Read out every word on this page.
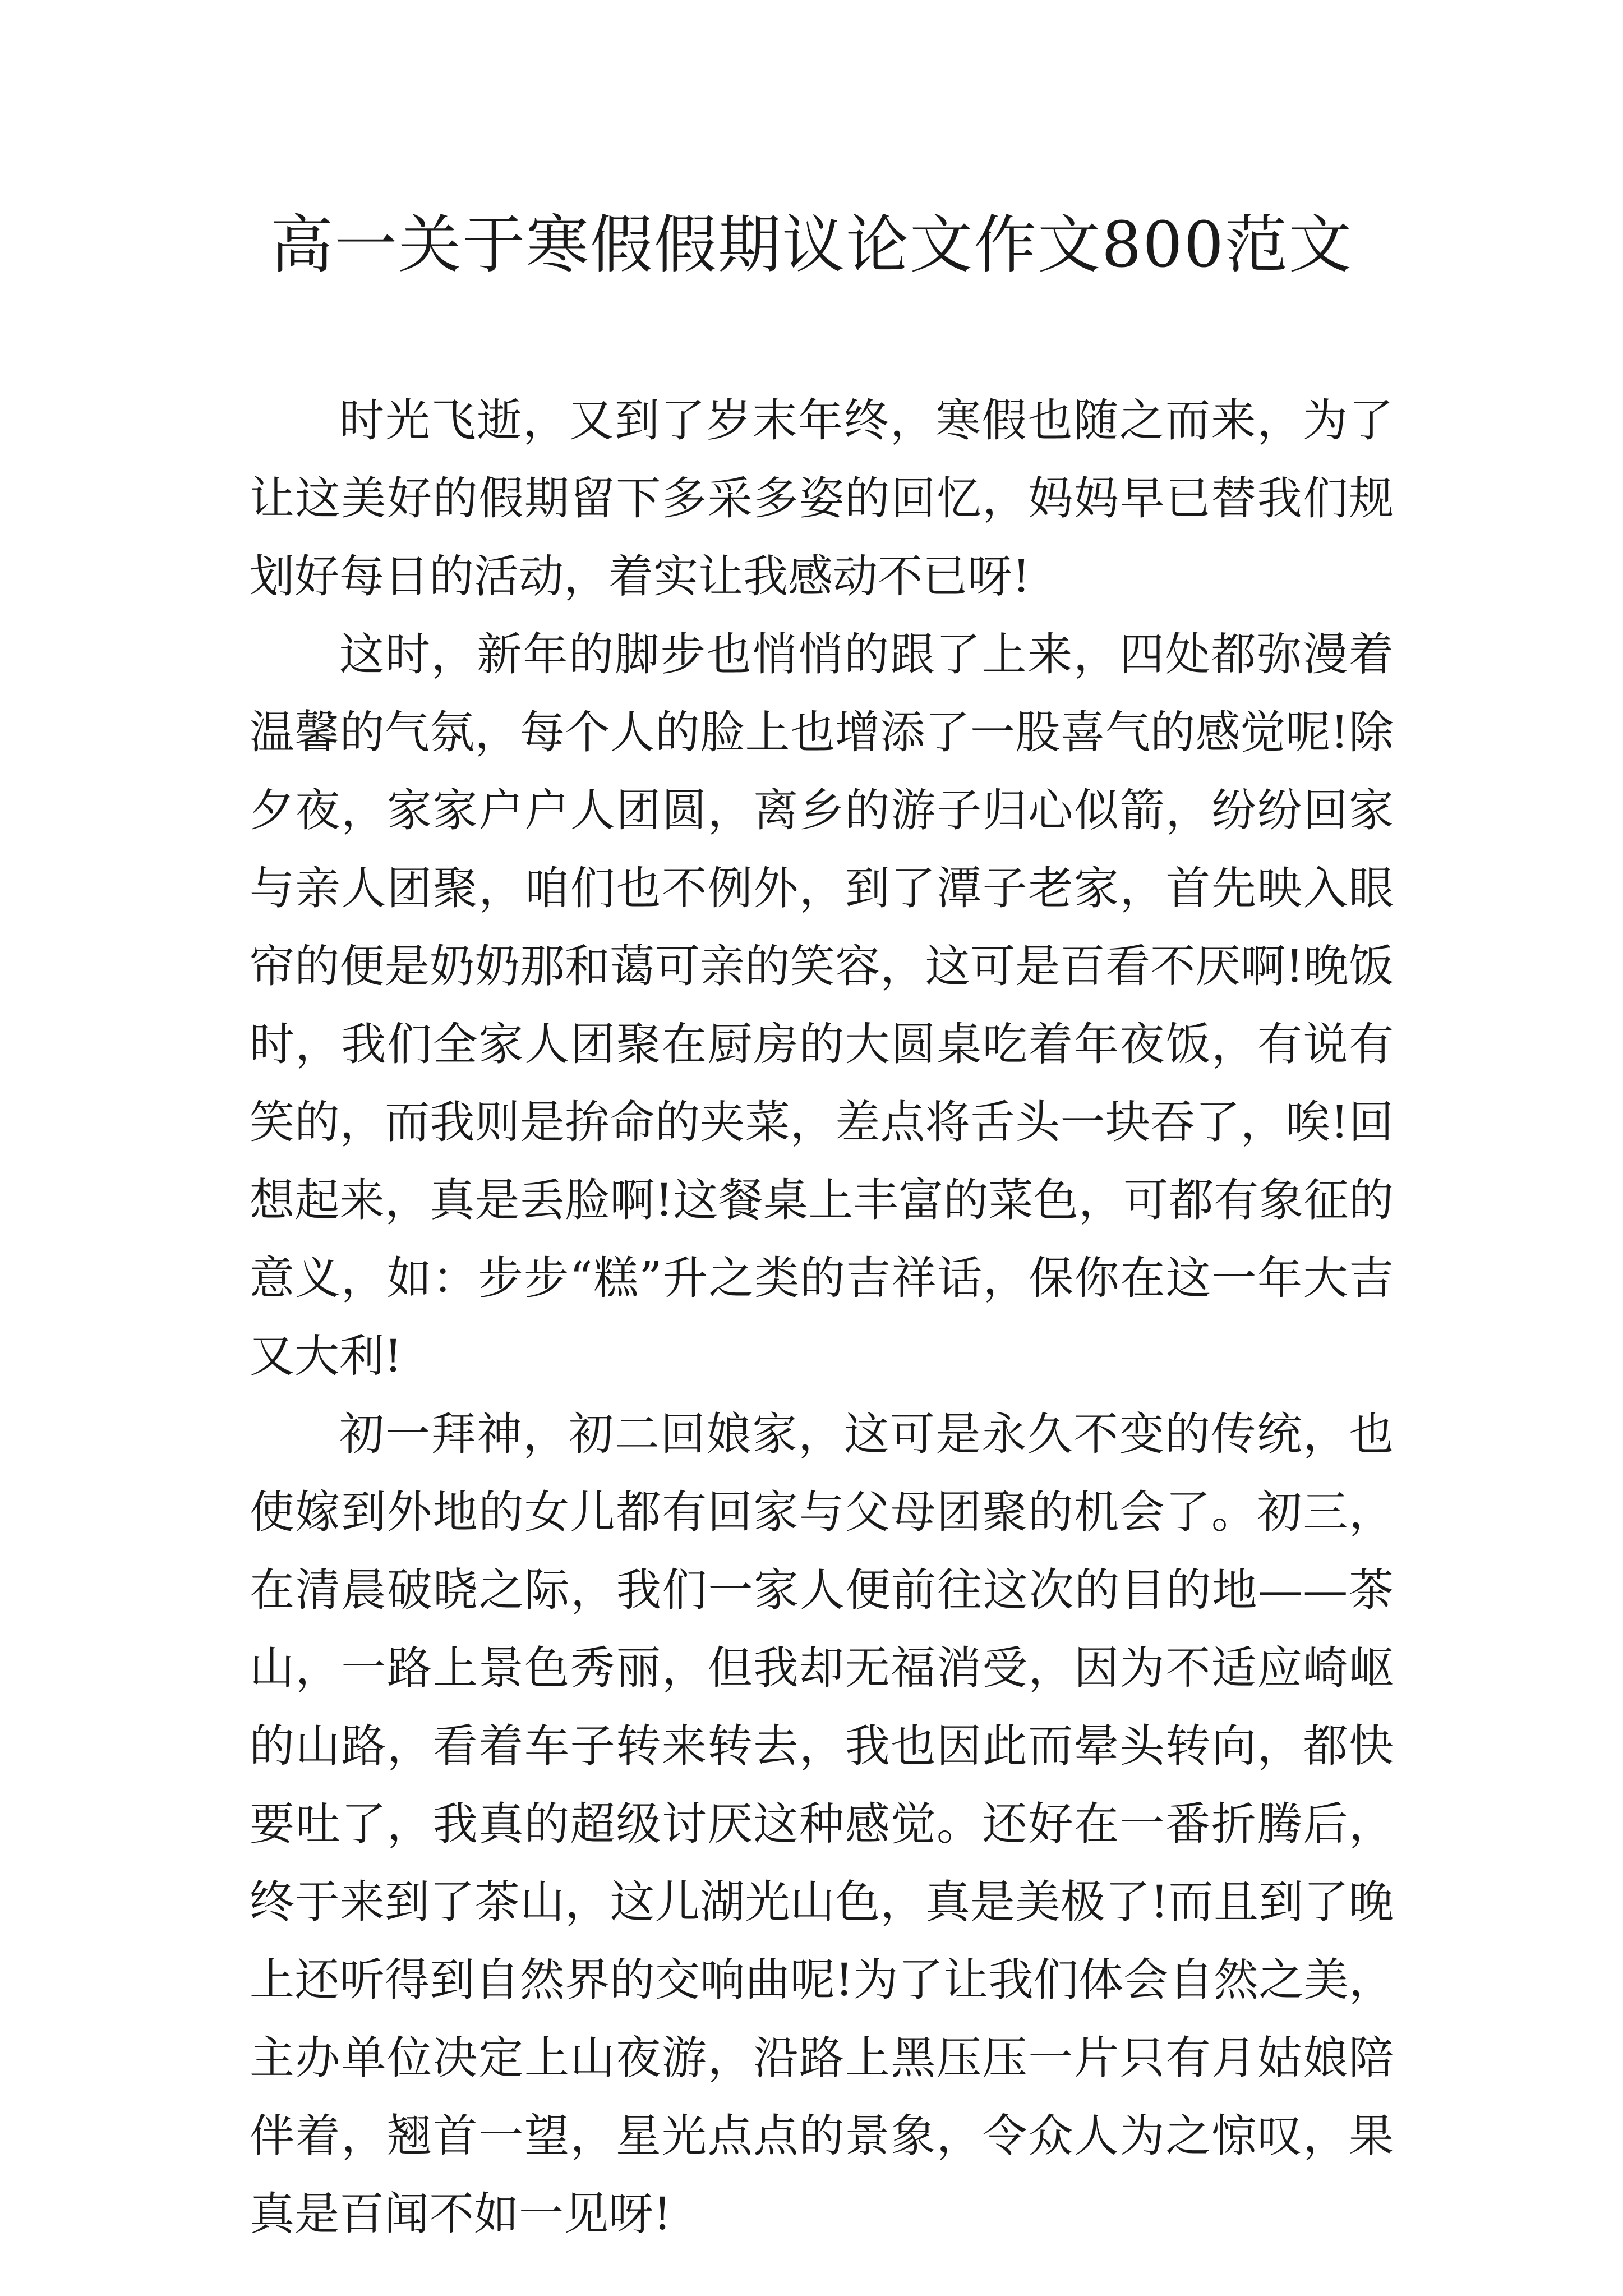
高一关于寒假假期议论文作文800范文

时光飞逝，又到了岁末年终，寒假也随之而来，为了让这美好的假期留下多采多姿的回忆，妈妈早已替我们规划好每日的活动，着实让我感动不已呀!

这时，新年的脚步也悄悄的跟了上来，四处都弥漫着温馨的气氛，每个人的脸上也增添了一股喜气的感觉呢!除夕夜，家家户户人团圆，离乡的游子归心似箭，纷纷回家与亲人团聚，咱们也不例外，到了潭子老家，首先映入眼帘的便是奶奶那和蔼可亲的笑容，这可是百看不厌啊!晚饭时，我们全家人团聚在厨房的大圆桌吃着年夜饭，有说有笑的，而我则是拚命的夹菜，差点将舌头一块吞了，唉!回想起来，真是丢脸啊!这餐桌上丰富的菜色，可都有象征的意义，如：步步“糕”升之类的吉祥话，保你在这一年大吉又大利!

初一拜神，初二回娘家，这可是永久不变的传统，也使嫁到外地的女儿都有回家与父母团聚的机会了。初三，在清晨破晓之际，我们一家人便前往这次的目的地——茶山，一路上景色秀丽，但我却无福消受，因为不适应崎岖的山路，看着车子转来转去，我也因此而晕头转向，都快要吐了，我真的超级讨厌这种感觉。还好在一番折腾后，终于来到了茶山，这儿湖光山色，真是美极了!而且到了晚上还听得到自然界的交响曲呢!为了让我们体会自然之美，主办单位决定上山夜游，沿路上黑压压一片只有月姑娘陪伴着，翘首一望，星光点点的景象，令众人为之惊叹，果真是百闻不如一见呀!
